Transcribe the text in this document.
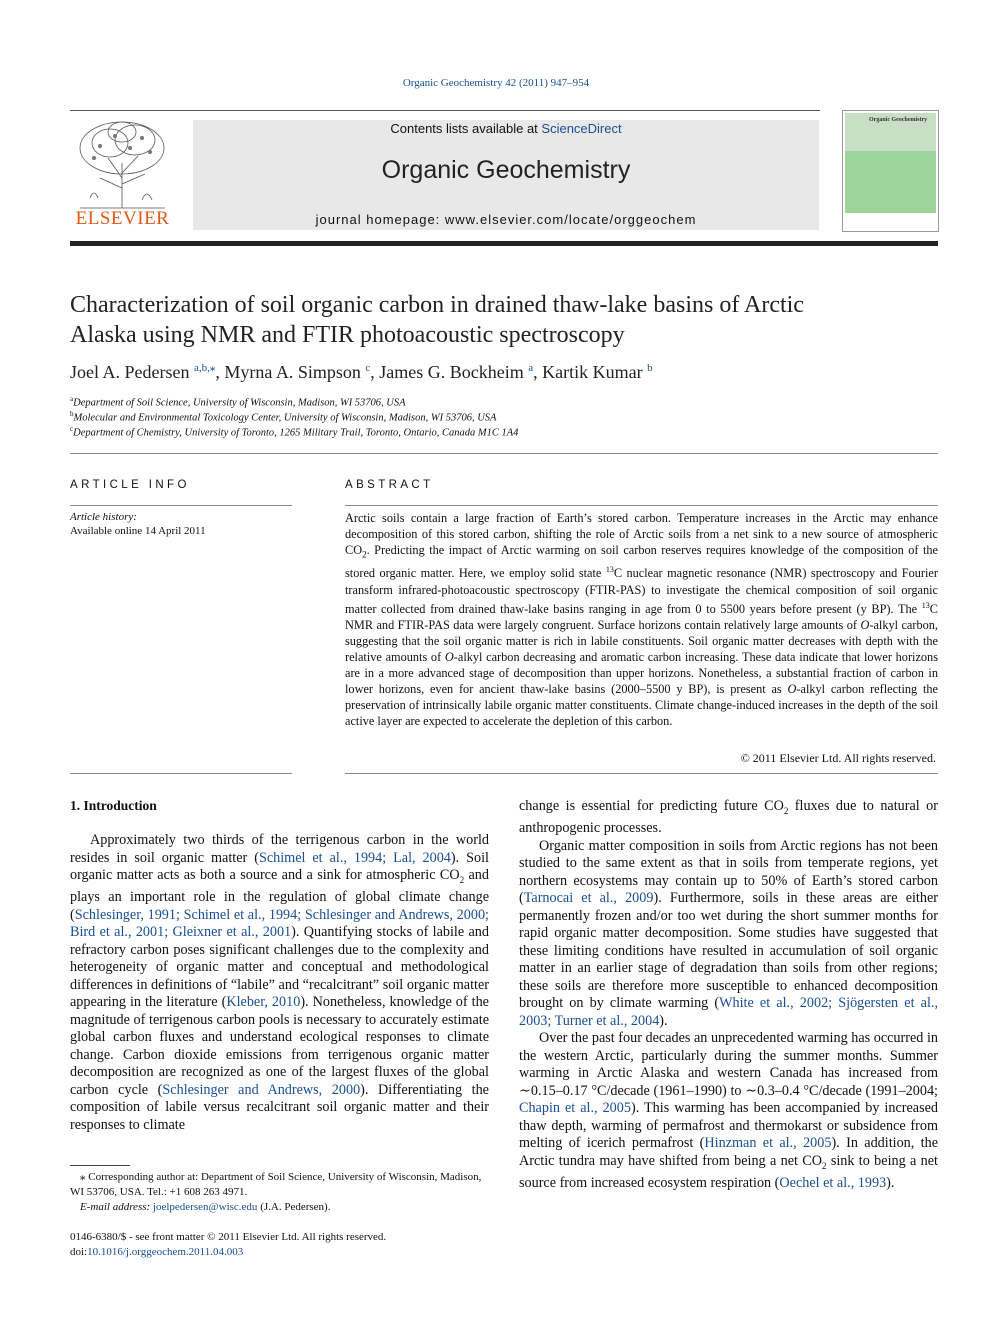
Organic Geochemistry 42 (2011) 947–954
ELSEVIER
Contents lists available at ScienceDirect
Organic Geochemistry
journal homepage: www.elsevier.com/locate/orggeochem
Organic Geochemistry
Characterization of soil organic carbon in drained thaw-lake basins of Arctic
Alaska using NMR and FTIR photoacoustic spectroscopy
Joel A. Pedersen $^{a,b,⁎}$, Myrna A. Simpson $^c$, James G. Bockheim $^a$, Kartik Kumar $^b$
$^a$Department of Soil Science, University of Wisconsin, Madison, WI 53706, USA
$^b$Molecular and Environmental Toxicology Center, University of Wisconsin, Madison, WI 53706, USA
$^c$Department of Chemistry, University of Toronto, 1265 Military Trail, Toronto, Ontario, Canada M1C 1A4
ARTICLE INFO
Article history:
Available online 14 April 2011
ABSTRACT
Arctic soils contain a large fraction of Earth’s stored carbon. Temperature increases in the Arctic may enhance decomposition of this stored carbon, shifting the role of Arctic soils from a net sink to a new source of atmospheric $CO_2$. Predicting the impact of Arctic warming on soil carbon reserves requires knowledge of the composition of the stored organic matter. Here, we employ solid state $^{13}$C nuclear magnetic resonance (NMR) spectroscopy and Fourier transform infrared-photoacoustic spectroscopy (FTIR-PAS) to investigate the chemical composition of soil organic matter collected from drained thaw-lake basins ranging in age from 0 to 5500 years before present (y BP). The $^{13}$C NMR and FTIR-PAS data were largely congruent. Surface horizons contain relatively large amounts of O-alkyl carbon, suggesting that the soil organic matter is rich in labile constituents. Soil organic matter decreases with depth with the relative amounts of O-alkyl carbon decreasing and aromatic carbon increasing. These data indicate that lower horizons are in a more advanced stage of decomposition than upper horizons. Nonetheless, a substantial fraction of carbon in lower horizons, even for ancient thaw-lake basins (2000–5500 y BP), is present as O-alkyl carbon reflecting the preservation of intrinsically labile organic matter constituents. Climate change-induced increases in the depth of the soil active layer are expected to accelerate the depletion of this carbon.
© 2011 Elsevier Ltd. All rights reserved.
1. Introduction

Approximately two thirds of the terrigenous carbon in the world resides in soil organic matter (Schimel et al., 1994; Lal, 2004). Soil organic matter acts as both a source and a sink for atmospheric $CO_2$ and plays an important role in the regulation of global climate change (Schlesinger, 1991; Schimel et al., 1994; Schlesinger and Andrews, 2000; Bird et al., 2001; Gleixner et al., 2001). Quantifying stocks of labile and refractory carbon poses significant challenges due to the complexity and heterogeneity of organic matter and conceptual and methodological differences in definitions of “labile” and “recalcitrant” soil organic matter appearing in the literature (Kleber, 2010). Nonetheless, knowledge of the magnitude of terrigenous carbon pools is necessary to accurately estimate global carbon fluxes and understand ecological responses to climate change. Carbon dioxide emissions from terrigenous organic matter decomposition are recognized as one of the largest fluxes of the global carbon cycle (Schlesinger and Andrews, 2000). Differentiating the composition of labile versus recalcitrant soil organic matter and their responses to climate

⁎ Corresponding author at: Department of Soil Science, University of Wisconsin, Madison, WI 53706, USA. Tel.: +1 608 263 4971.
E-mail address: joelpedersen@wisc.edu (J.A. Pedersen).
0146-6380/$ - see front matter © 2011 Elsevier Ltd. All rights reserved.
doi:10.1016/j.orggeochem.2011.04.003

change is essential for predicting future $CO_2$ fluxes due to natural or anthropogenic processes.

Organic matter composition in soils from Arctic regions has not been studied to the same extent as that in soils from temperate regions, yet northern ecosystems may contain up to 50% of Earth’s stored carbon (Tarnocai et al., 2009). Furthermore, soils in these areas are either permanently frozen and/or too wet during the short summer months for rapid organic matter decomposition. Some studies have suggested that these limiting conditions have resulted in accumulation of soil organic matter in an earlier stage of degradation than soils from other regions; these soils are therefore more susceptible to enhanced decomposition brought on by climate warming (White et al., 2002; Sjögersten et al., 2003; Turner et al., 2004).

Over the past four decades an unprecedented warming has occurred in the western Arctic, particularly during the summer months. Summer warming in Arctic Alaska and western Canada has increased from ∼0.15–0.17 °C/decade (1961–1990) to ∼0.3–0.4 °C/decade (1991–2004; Chapin et al., 2005). This warming has been accompanied by increased thaw depth, warming of permafrost and thermokarst or subsidence from melting of icerich permafrost (Hinzman et al., 2005). In addition, the Arctic tundra may have shifted from being a net $CO_2$ sink to being a net source from increased ecosystem respiration (Oechel et al., 1993).
